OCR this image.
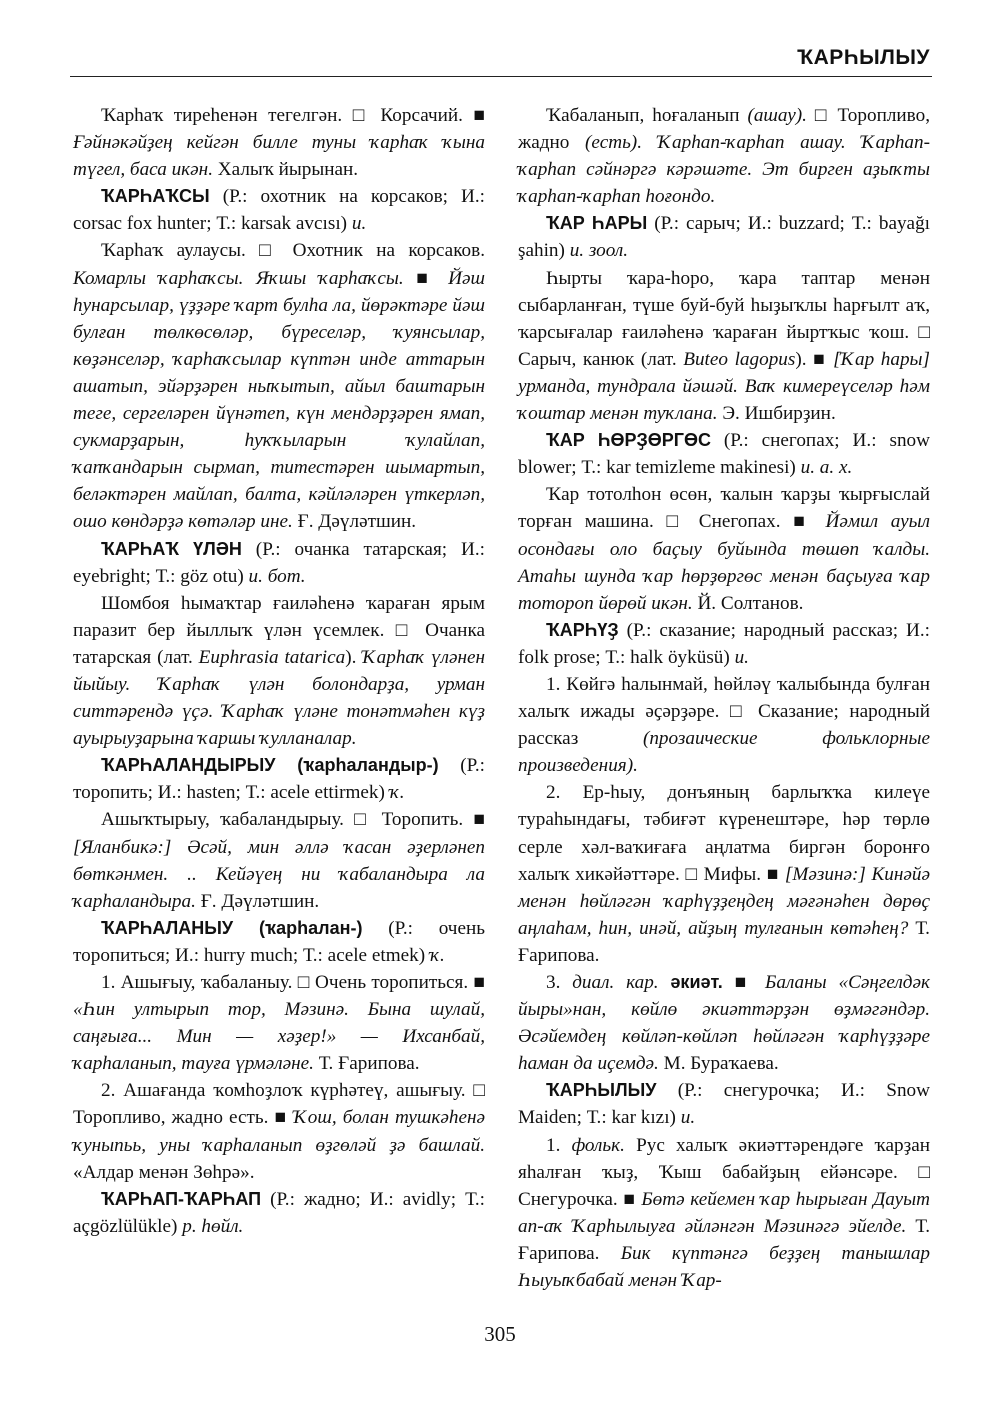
ҠАРҺЫЛЫУ

Ҡарһаҡ тиреһенән тегелгән. □ Корсачий. ■ Ғәйнәкәйҙең кейгән билле туны ҡарһаҡ ҡына түгел, баса икән. Халыҡ йырынан.

ҠАРҺАҠСЫ (Р.: охотник на корсаков; И.: corsac fox hunter; Т.: karsak avcısı) и.

Ҡарһаҡ аулаусы. □ Охотник на корсаков. Комарлы ҡарһаҡсы. Яҡшы ҡарһаҡсы. ■ Йәш һунарсылар, үҙҙәре ҡарт булһа ла, йөрәктәре йәш булған төлкөсөләр, бүреселәр, ҡуянсылар, көҙәнселәр, ҡарһаҡсылар күптән инде аттарын ашатып, эйәрҙәрен ныҡытып, айыл баштарын теге, сергеләрен йүнәтеп, күн мендәрҙәрен ямап, сукмарҙарын, һуҡҡыларын ҡулайлап, ҡапҡандарын сырмап, титестәрен шымартып, беләктәрен майлап, балта, кәйләләрен үткерләп, ошо көндәрҙә көтәләр ине. Ғ. Дәүләтшин.

ҠАРҺАҠ ҮЛӘН (Р.: очанка татарская; И.: eyebright; Т.: göz otu) и. бот.

Шомбоя һымаҡтар ғаиләһенә ҡараған ярым паразит бер йыллыҡ үлән үсемлек. □ Очанка татарская (лат. Euphrasia tatarica). Ҡарһаҡ үләнен йыйыу. Ҡарһаҡ үлән болондарҙа, урман ситтәрендә үҫә. Ҡарһаҡ үләне тонәтмәһен күҙ ауырыуҙарына ҡаршы ҡулланалар.

ҠАРҺАЛАНДЫРЫУ (ҡарһаландыр-) (Р.: торопить; И.: hasten; Т.: acele ettirmek) ҡ.

Ашыҡтырыу, ҡабаландырыу. □ Торопить. ■ [Яланбикә:] Әсәй, мин әллә ҡасан әҙерләнеп бөткәнмен. .. Кейәүең ни ҡабаландыра ла ҡарһаландыра. Ғ. Дәүләтшин.

ҠАРҺАЛАНЫУ (ҡарһалан-) (Р.: очень торопиться; И.: hurry much; Т.: acele etmek) ҡ.

1. Ашығыу, ҡабаланыу. □ Очень торопиться. ■ «Һин ултырып тор, Мәзинә. Бына шулай, саңғыға... Мин — хәҙер!» — Ихсанбай, ҡарһаланып, тауға үрмәләне. Т. Ғарипова.

2. Ашағанда ҡомһоҙлоҡ күрһәтеү, ашығыу. □ Торопливо, жадно есть. ■ Ҡош, болан тушкәһенә ҡуныпьь, уны ҡарһаланып өҙгөләй ҙә башлай. «Алдар менән Зөһрә».

ҠАРҺАП-ҠАРҺАП (Р.: жадно; И.: avidly; Т.: açgözlülükle) р. һөйл.

Ҡабаланып, һоғаланып (ашау). □ Торопливо, жадно (есть). Ҡарһап-ҡарһап ашау. Ҡарһап-ҡарһап сәйнәргә кәрәшәте. Эт бирген аҙыҡты ҡарһап-ҡарһап һоғондо.

ҠАР ҺАРЫ (Р.: сарыч; И.: buzzard; Т.: bayağı şahin) и. зоол.

Һырты ҡара-һоро, ҡара таптар менән сыбарланған, түше буй-буй һыҙыҡлы һарғылт аҡ, ҡарсығалар ғаиләһенә ҡараған йыртҡыс ҡош. □ Сарыч, канюк (лат. Buteo lagopus). ■ [Ҡар һары] урманда, тундрала йәшәй. Ваҡ кимереүселәр һәм ҡоштар менән туҡлана. Э. Ишбирҙин.

ҠАР ҺӨРҘӨРГӨС (Р.: снегопах; И.: snow blower; Т.: kar temizleme makinesi) и. а. х.

Ҡар тотолһон өсөн, ҡалын ҡарҙы ҡырғыслай торған машина. □ Снегопах. ■ Йәмил ауыл осондағы оло баҫыу буйында төшөп ҡалды. Атаһы шунда ҡар һөрҙөргөс менән баҫыуға ҡар тотороп йөрөй икән. Й. Солтанов.

ҠАРҺҮҘ (Р.: сказание; народный рассказ; И.: folk prose; Т.: halk öyküsü) и.

1. Көйгә һалынмай, һөйләү ҡалыбында булған халыҡ ижады әҫәрҙәре. □ Сказание; народный рассказ (прозаические фольклорные произведения).

2. Ер-һыу, донъяның барлыҡҡа килеүе тураһындағы, тәбиғәт күренештәре, һәр төрлө серле хәл-ваҡиғаға аңлатма биргән боронғо халыҡ хикәйәттәре. □ Мифы. ■ [Мәзинә:] Кинәйә менән һөйләгән ҡарһүҙҙеңдең мәғәнәһен дөрөҫ аңлаһам, һин, инәй, айҙың тулғанын көтәһең? Т. Ғарипова.

3. диал. кар. әкиәт. ■ Баланы «Сәңгелдәк йыры»нан, көйлө әкиәттәрҙән өҙмәгәндәр. Әсәйемдең көйләп-көйләп һөйләгән ҡарһүҙҙәре һаман да иҫемдә. М. Бураҡаева.

ҠАРҺЫЛЫУ (Р.: снегурочка; И.: Snow Maiden; Т.: kar kızı) и.

1. фольк. Рус халыҡ әкиәттәрендәге ҡарҙан яһалған ҡыҙ, Ҡыш бабайҙың ейәнсәре. □ Снегурочка. ■ Бөтә кейемен ҡар һырыған Дауыт ап-аҡ Ҡарһылыуға әйләнгән Мәзинәгә эйелде. Т. Ғарипова. Бик күптәнгә беҙҙең танышлар Һыуыҡбабай менән Ҡар-

305
